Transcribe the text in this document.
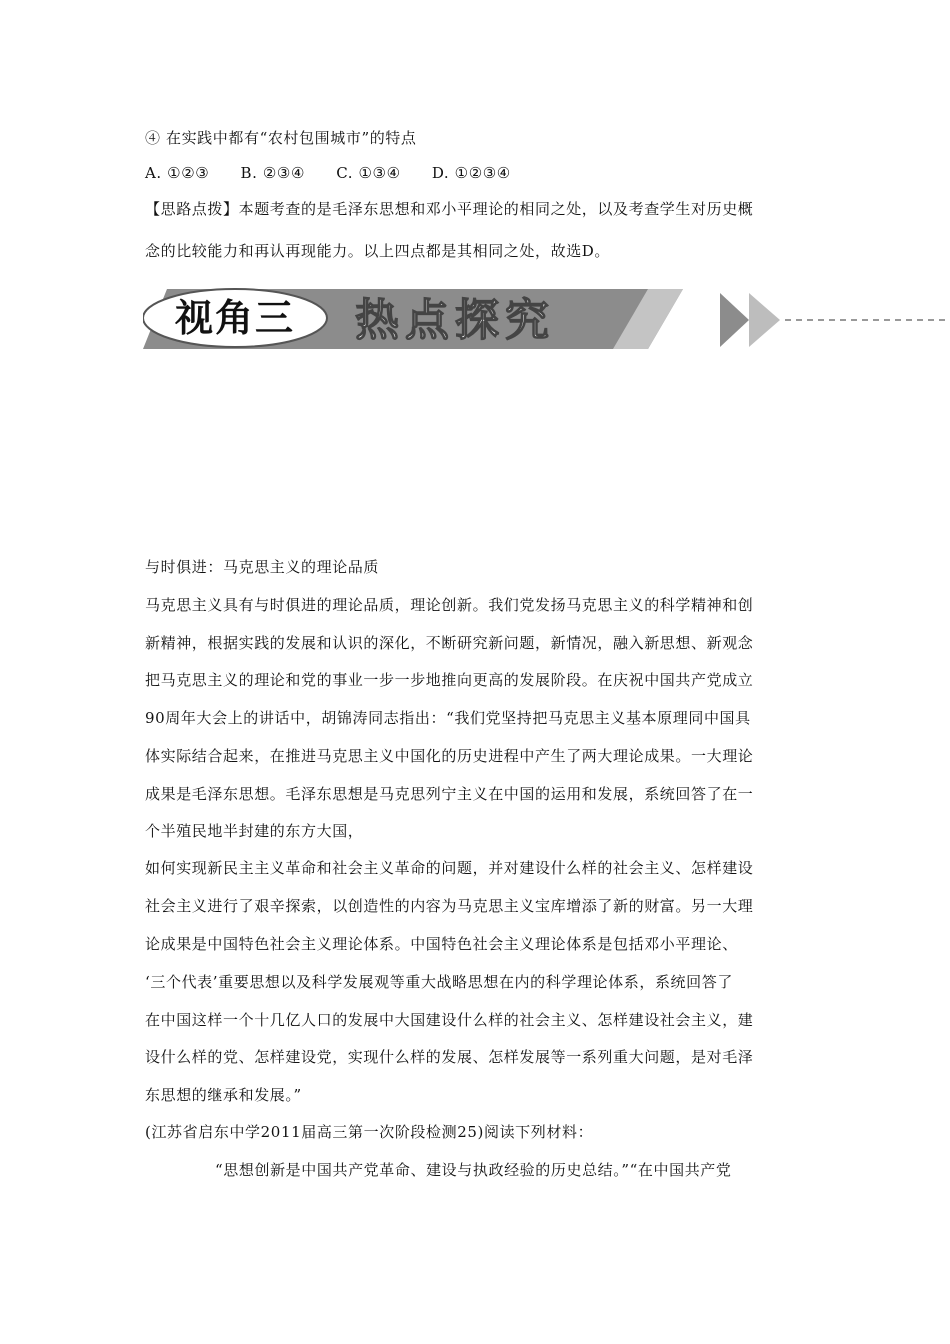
④ 在实践中都有“农村包围城市”的特点
A. ①②③　　B. ②③④　　C. ①③④　　D. ①②③④
【思路点拨】本题考查的是毛泽东思想和邓小平理论的相同之处，以及考查学生对历史概
念的比较能力和再认再现能力。以上四点都是其相同之处，故选D。
视角三 热点探究
与时俱进：马克思主义的理论品质
马克思主义具有与时俱进的理论品质，理论创新。我们党发扬马克思主义的科学精神和创
新精神，根据实践的发展和认识的深化，不断研究新问题，新情况，融入新思想、新观念
把马克思主义的理论和党的事业一步一步地推向更高的发展阶段。在庆祝中国共产党成立
90周年大会上的讲话中，胡锦涛同志指出：“我们党坚持把马克思主义基本原理同中国具
体实际结合起来，在推进马克思主义中国化的历史进程中产生了两大理论成果。一大理论
成果是毛泽东思想。毛泽东思想是马克思列宁主义在中国的运用和发展，系统回答了在一
个半殖民地半封建的东方大国，
如何实现新民主主义革命和社会主义革命的问题，并对建设什么样的社会主义、怎样建设
社会主义进行了艰辛探索，以创造性的内容为马克思主义宝库增添了新的财富。另一大理
论成果是中国特色社会主义理论体系。中国特色社会主义理论体系是包括邓小平理论、
‘三个代表’重要思想以及科学发展观等重大战略思想在内的科学理论体系，系统回答了
在中国这样一个十几亿人口的发展中大国建设什么样的社会主义、怎样建设社会主义，建
设什么样的党、怎样建设党，实现什么样的发展、怎样发展等一系列重大问题，是对毛泽
东思想的继承和发展。”
(江苏省启东中学2011届高三第一次阶段检测25)阅读下列材料：
“思想创新是中国共产党革命、建设与执政经验的历史总结。”“在中国共产党
